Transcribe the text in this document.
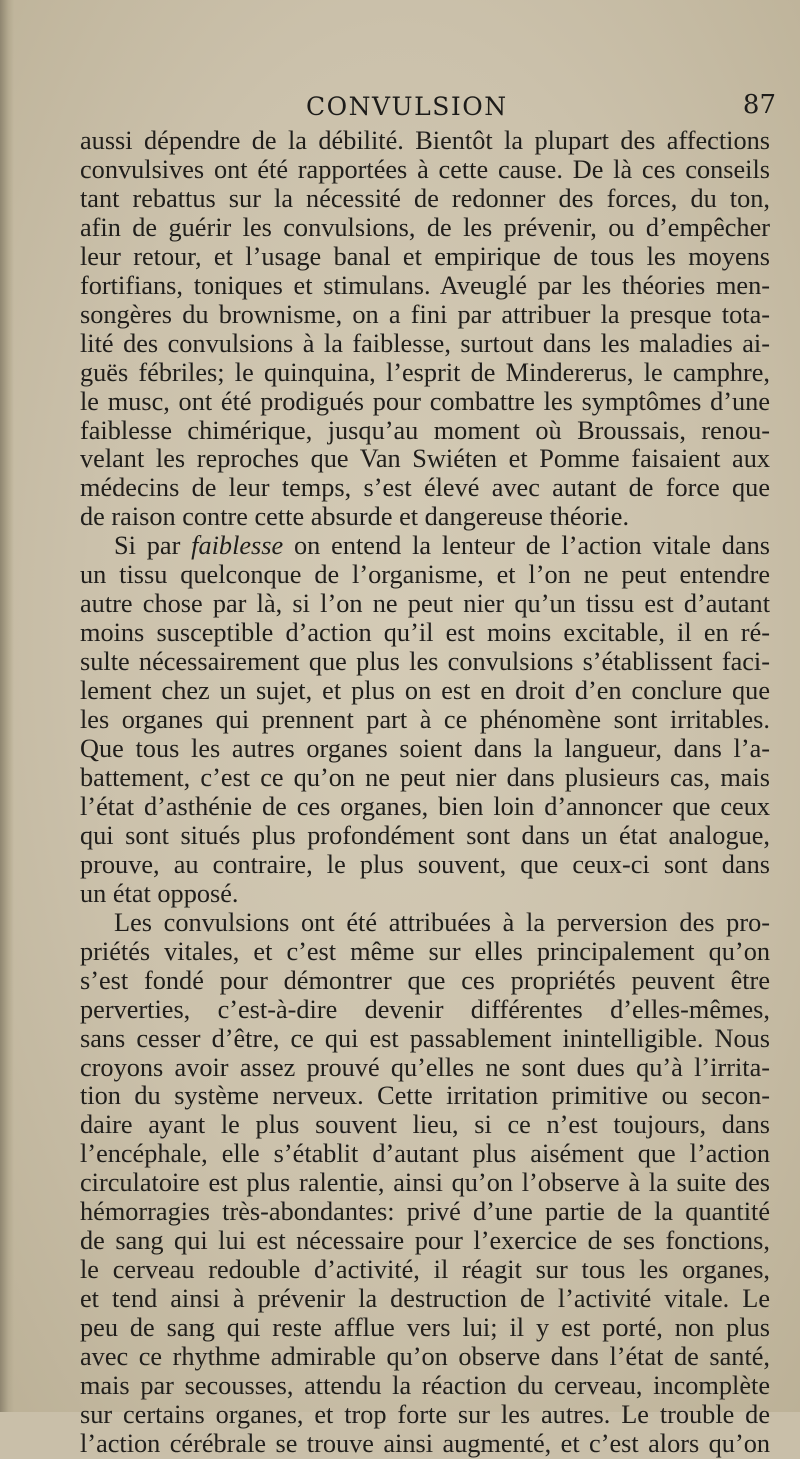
CONVULSION	87
aussi dépendre de la débilité. Bientôt la plupart des affections
convulsives ont été rapportées à cette cause. De là ces conseils
tant rebattus sur la nécessité de redonner des forces, du ton,
afin de guérir les convulsions, de les prévenir, ou d’empêcher
leur retour, et l’usage banal et empirique de tous les moyens
fortifians, toniques et stimulans. Aveuglé par les théories men-
songères du brownisme, on a fini par attribuer la presque tota-
lité des convulsions à la faiblesse, surtout dans les maladies ai-
guës fébriles; le quinquina, l’esprit de Mindererus, le camphre,
le musc, ont été prodigués pour combattre les symptômes d’une
faiblesse chimérique, jusqu’au moment où Broussais, renou-
velant les reproches que Van Swiéten et Pomme faisaient aux
médecins de leur temps, s’est élevé avec autant de force que
de raison contre cette absurde et dangereuse théorie.
Si par faiblesse on entend la lenteur de l’action vitale dans
un tissu quelconque de l’organisme, et l’on ne peut entendre
autre chose par là, si l’on ne peut nier qu’un tissu est d’autant
moins susceptible d’action qu’il est moins excitable, il en ré-
sulte nécessairement que plus les convulsions s’établissent faci-
lement chez un sujet, et plus on est en droit d’en conclure que
les organes qui prennent part à ce phénomène sont irritables.
Que tous les autres organes soient dans la langueur, dans l’a-
battement, c’est ce qu’on ne peut nier dans plusieurs cas, mais
l’état d’asthénie de ces organes, bien loin d’annoncer que ceux
qui sont situés plus profondément sont dans un état analogue,
prouve, au contraire, le plus souvent, que ceux-ci sont dans
un état opposé.
Les convulsions ont été attribuées à la perversion des pro-
priétés vitales, et c’est même sur elles principalement qu’on
s’est fondé pour démontrer que ces propriétés peuvent être
perverties, c’est-à-dire devenir différentes d’elles-mêmes,
sans cesser d’être, ce qui est passablement inintelligible. Nous
croyons avoir assez prouvé qu’elles ne sont dues qu’à l’irrita-
tion du système nerveux. Cette irritation primitive ou secon-
daire ayant le plus souvent lieu, si ce n’est toujours, dans
l’encéphale, elle s’établit d’autant plus aisément que l’action
circulatoire est plus ralentie, ainsi qu’on l’observe à la suite des
hémorragies très-abondantes: privé d’une partie de la quantité
de sang qui lui est nécessaire pour l’exercice de ses fonctions,
le cerveau redouble d’activité, il réagit sur tous les organes,
et tend ainsi à prévenir la destruction de l’activité vitale. Le
peu de sang qui reste afflue vers lui; il y est porté, non plus
avec ce rhythme admirable qu’on observe dans l’état de santé,
mais par secousses, attendu la réaction du cerveau, incomplète
sur certains organes, et trop forte sur les autres. Le trouble de
l’action cérébrale se trouve ainsi augmenté, et c’est alors qu’on
